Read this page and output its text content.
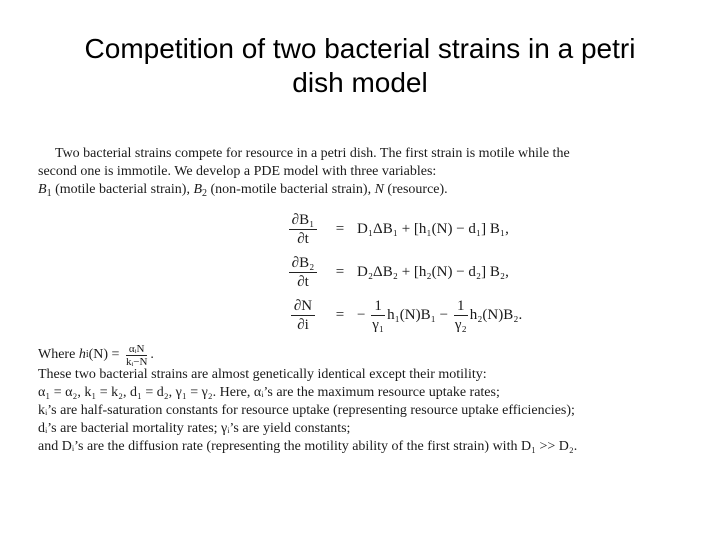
Competition of two bacterial strains in a petri
dish model
Two bacterial strains compete for resource in a petri dish. The first strain is motile while the
second one is immotile. We develop a PDE model with three variables:
$B_1$ (motile bacterial strain), $B_2$ (non-motile bacterial strain), N (resource).
$\frac{\text{∂B₁}}{\partial t}$	= D₁ΔB₁ + [h₁(N) − d₁] B₁,
$\frac{\text{∂B₂}}{\partial t}$	= D₂ΔB₂ + [h₂(N) − d₂] B₂,
$\frac{\partial N}{\partial i}$	= −
$\frac{1}{\text{γ₁}} h_1(N)B_1 - \frac{1}{\text{γ₂}} h_2(N)B_2$.
Where h i $(N) = \frac{\text{αᵢN}}{\text{kᵢ−N}}$ .
These two bacterial strains are almost genetically identical except their motility:
α₁ = α₂, k₁ = k₂, d₁ = d₂, γ₁ = γ₂. Here, αᵢ’s are the maximum resource uptake rates;
kᵢ’s are half-saturation constants for resource uptake (representing resource uptake efficiencies);
dᵢ’s are bacterial mortality rates; γᵢ’s are yield constants;
and Dᵢ’s are the diffusion rate (representing the motility ability of the first strain) with D₁ >> D₂.
